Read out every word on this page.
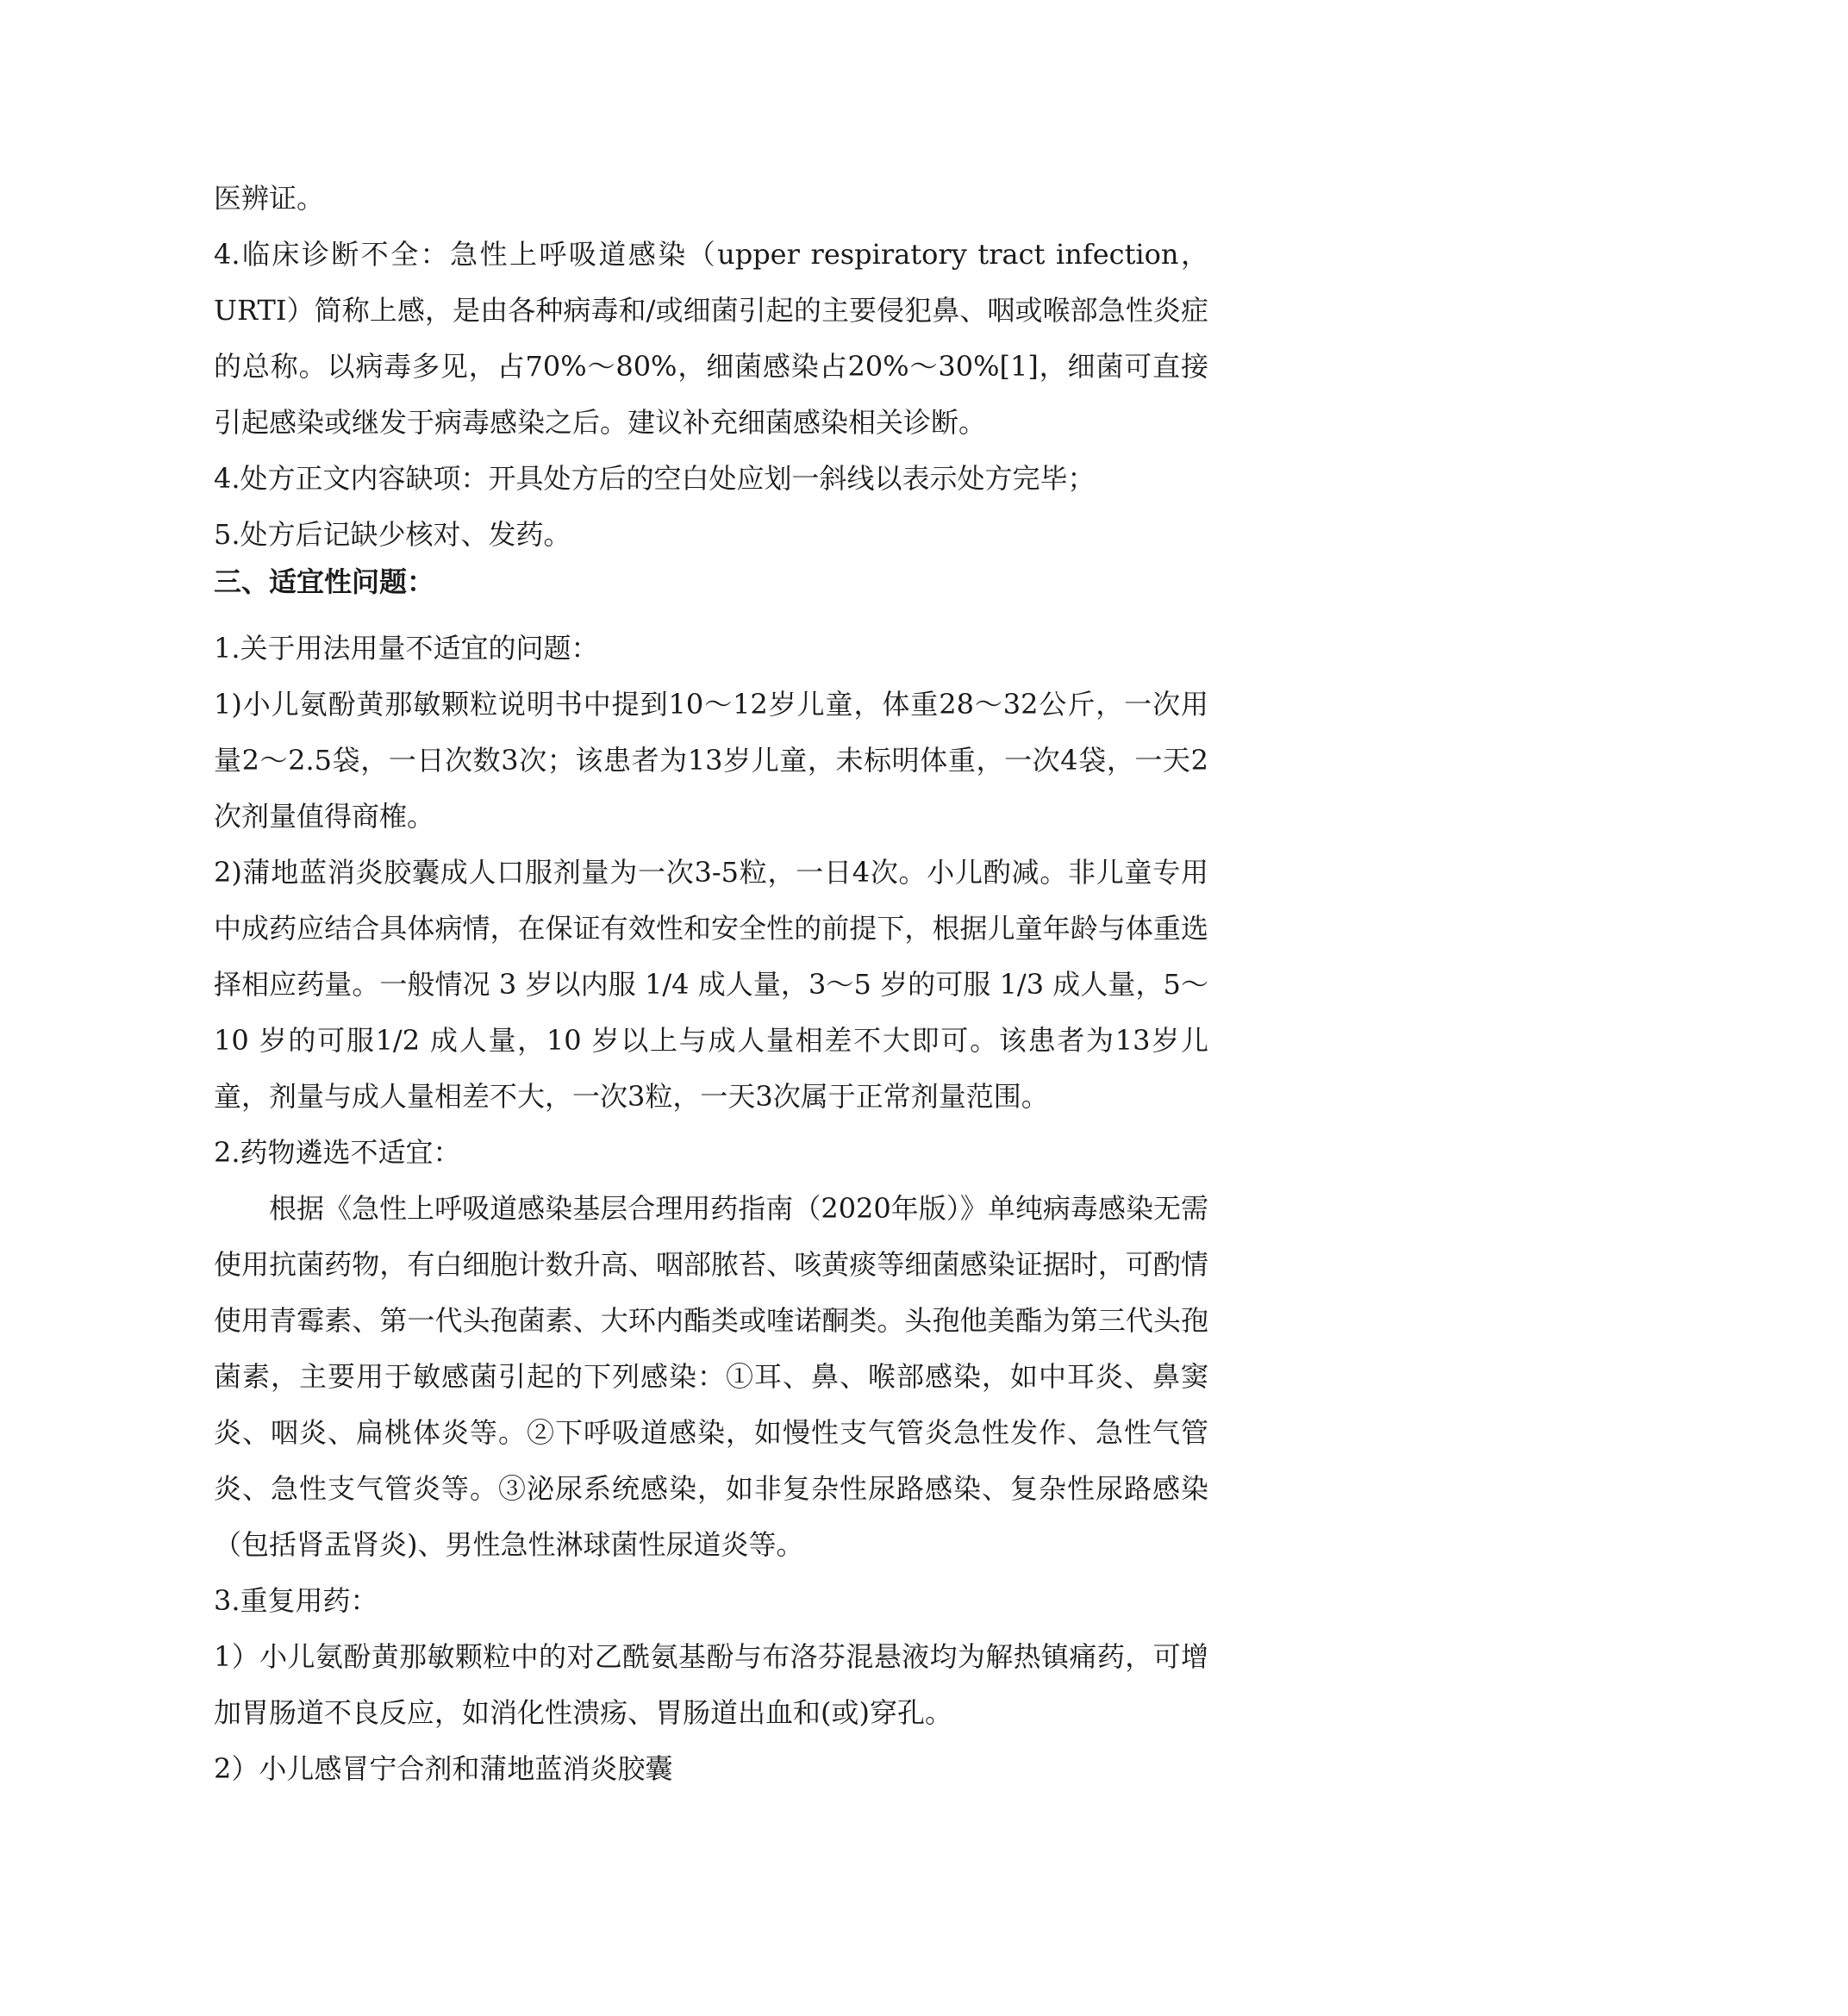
医辨证。

4.临床诊断不全：急性上呼吸道感染（upper respiratory tract infection，URTI）简称上感，是由各种病毒和/或细菌引起的主要侵犯鼻、咽或喉部急性炎症的总称。以病毒多见，占70%～80%，细菌感染占20%～30%[1]，细菌可直接引起感染或继发于病毒感染之后。建议补充细菌感染相关诊断。

4.处方正文内容缺项：开具处方后的空白处应划一斜线以表示处方完毕；

5.处方后记缺少核对、发药。

三、适宜性问题：

1.关于用法用量不适宜的问题：

1)小儿氨酚黄那敏颗粒说明书中提到10～12岁儿童，体重28～32公斤，一次用量2～2.5袋，一日次数3次；该患者为13岁儿童，未标明体重，一次4袋，一天2次剂量值得商榷。

2)蒲地蓝消炎胶囊成人口服剂量为一次3-5粒，一日4次。小儿酌减。非儿童专用中成药应结合具体病情，在保证有效性和安全性的前提下，根据儿童年龄与体重选择相应药量。一般情况 3 岁以内服 1/4 成人量，3～5 岁的可服 1/3 成人量，5～10 岁的可服1/2 成人量，10 岁以上与成人量相差不大即可。该患者为13岁儿童，剂量与成人量相差不大，一次3粒，一天3次属于正常剂量范围。

2.药物遴选不适宜：

根据《急性上呼吸道感染基层合理用药指南（2020年版）》单纯病毒感染无需使用抗菌药物，有白细胞计数升高、咽部脓苔、咳黄痰等细菌感染证据时，可酌情使用青霉素、第一代头孢菌素、大环内酯类或喹诺酮类。头孢他美酯为第三代头孢菌素，主要用于敏感菌引起的下列感染：①耳、鼻、喉部感染，如中耳炎、鼻窦炎、咽炎、扁桃体炎等。②下呼吸道感染，如慢性支气管炎急性发作、急性气管炎、急性支气管炎等。③泌尿系统感染，如非复杂性尿路感染、复杂性尿路感染（包括肾盂肾炎)、男性急性淋球菌性尿道炎等。

3.重复用药：

1）小儿氨酚黄那敏颗粒中的对乙酰氨基酚与布洛芬混悬液均为解热镇痛药，可增加胃肠道不良反应，如消化性溃疡、胃肠道出血和(或)穿孔。

2）小儿感冒宁合剂和蒲地蓝消炎胶囊
